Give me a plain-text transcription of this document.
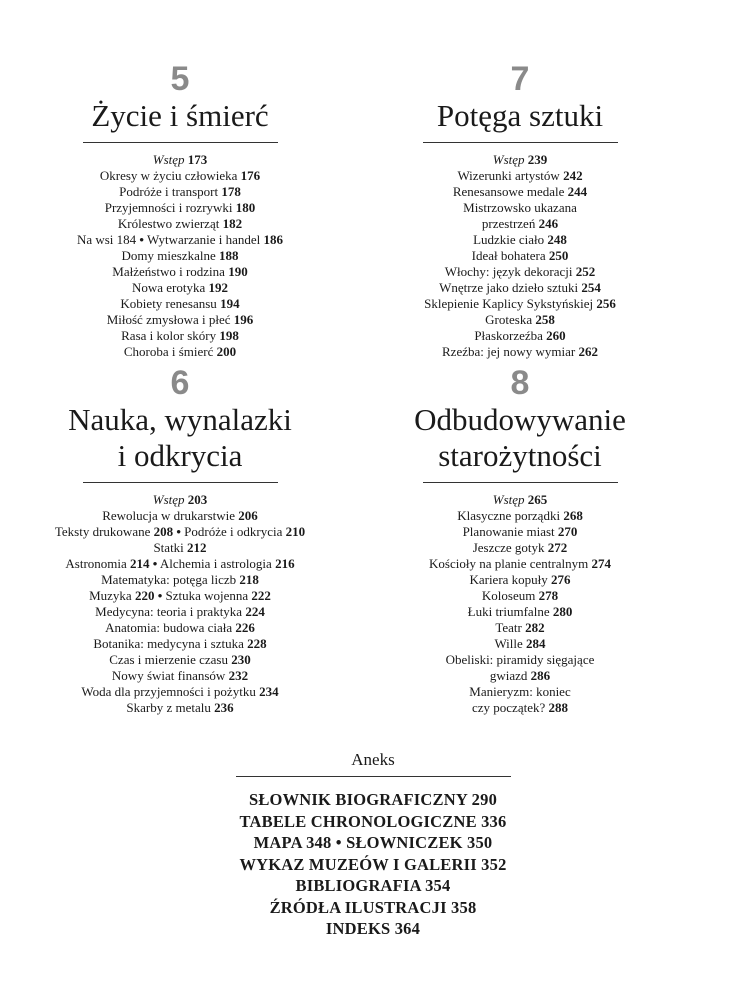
5
Życie i śmierć
Wstęp 173
Okresy w życiu człowieka 176
Podróże i transport 178
Przyjemności i rozrywki 180
Królestwo zwierząt 182
Na wsi 184 • Wytwarzanie i handel 186
Domy mieszkalne 188
Małżeństwo i rodzina 190
Nowa erotyka 192
Kobiety renesansu 194
Miłość zmysłowa i płeć 196
Rasa i kolor skóry 198
Choroba i śmierć 200
7
Potęga sztuki
Wstęp 239
Wizerunki artystów 242
Renesansowe medale 244
Mistrzowsko ukazana
przestrzeń 246
Ludzkie ciało 248
Ideał bohatera 250
Włochy: język dekoracji 252
Wnętrze jako dzieło sztuki 254
Sklepienie Kaplicy Sykstyńskiej 256
Groteska 258
Płaskorzeźba 260
Rzeźba: jej nowy wymiar 262
6
Nauka, wynalazki
i odkrycia
Wstęp 203
Rewolucja w drukarstwie 206
Teksty drukowane 208 • Podróże i odkrycia 210
Statki 212
Astronomia 214 • Alchemia i astrologia 216
Matematyka: potęga liczb 218
Muzyka 220 • Sztuka wojenna 222
Medycyna: teoria i praktyka 224
Anatomia: budowa ciała 226
Botanika: medycyna i sztuka 228
Czas i mierzenie czasu 230
Nowy świat finansów 232
Woda dla przyjemności i pożytku 234
Skarby z metalu 236
8
Odbudowywanie
starożytności
Wstęp 265
Klasyczne porządki 268
Planowanie miast 270
Jeszcze gotyk 272
Kościoły na planie centralnym 274
Kariera kopuły 276
Koloseum 278
Łuki triumfalne 280
Teatr 282
Wille 284
Obeliski: piramidy sięgające
gwiazd 286
Manieryzm: koniec
czy początek? 288
Aneks
SŁOWNIK BIOGRAFICZNY 290
TABELE CHRONOLOGICZNE 336
MAPA 348 • SŁOWNICZEK 350
WYKAZ MUZEÓW I GALERII 352
BIBLIOGRAFIA 354
ŹRÓDŁA ILUSTRACJI 358
INDEKS 364
